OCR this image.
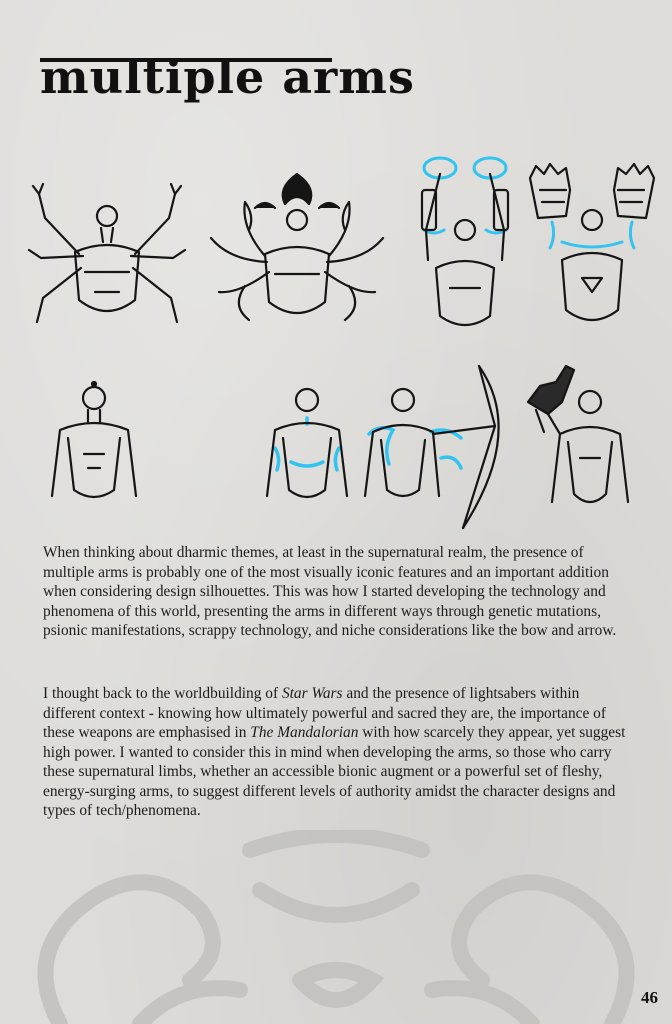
multiple arms

When thinking about dharmic themes, at least in the supernatural realm, the presence of multiple arms is probably one of the most visually iconic features and an important addition when considering design silhouettes. This was how I started developing the technology and phenomena of this world, presenting the arms in different ways through genetic mutations, psionic manifestations, scrappy technology, and niche considerations like the bow and arrow.

I thought back to the worldbuilding of Star Wars and the presence of lightsabers within different context - knowing how ultimately powerful and sacred they are, the importance of these weapons are emphasised in The Mandalorian with how scarcely they appear, yet suggest high power. I wanted to consider this in mind when developing the arms, so those who carry these supernatural limbs, whether an accessible bionic augment or a powerful set of fleshy, energy-surging arms, to suggest different levels of authority amidst the character designs and types of tech/phenomena.

46
